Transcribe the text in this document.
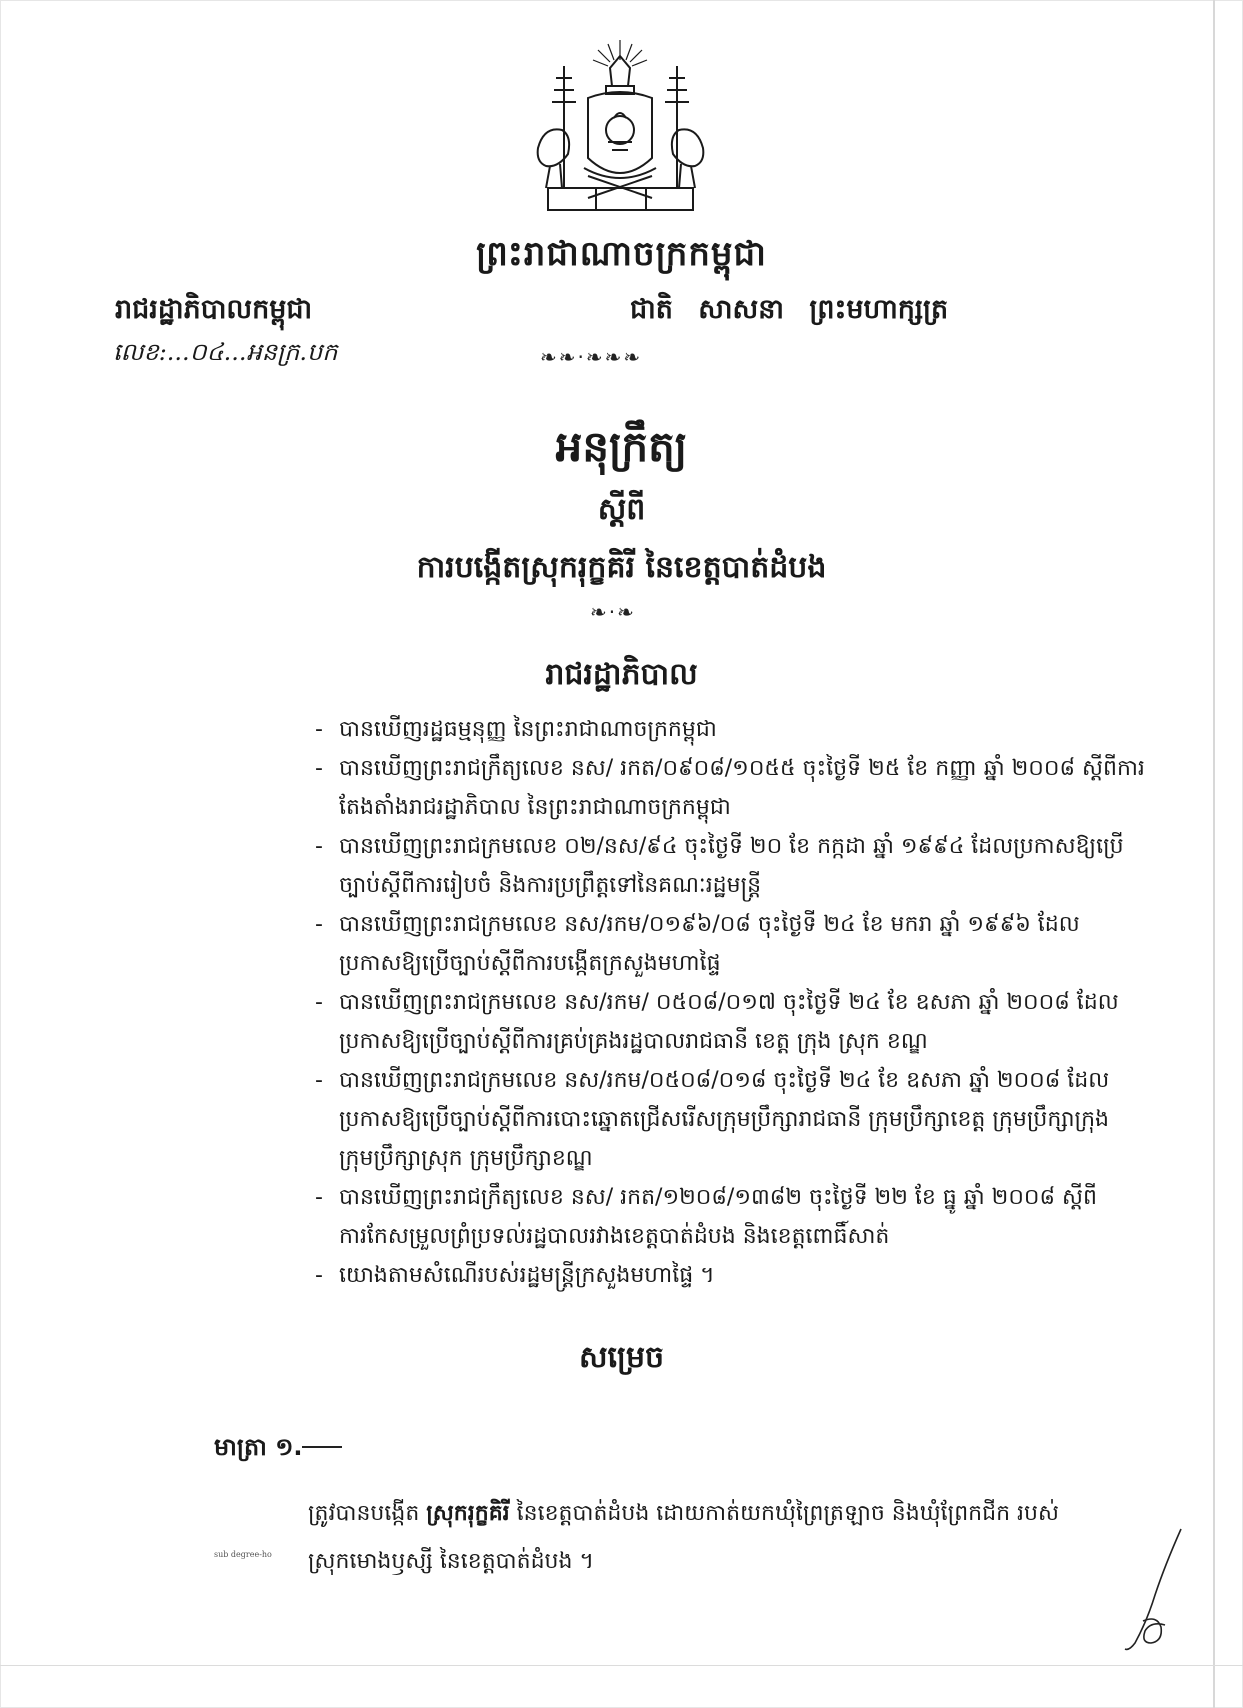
ព្រះរាជាណាចក្រកម្ពុជា
រាជរដ្ឋាភិបាលកម្ពុជា	ជាតិ សាសនា ព្រះមហាក្សត្រ
លេខ:...០៤...អនក្រ.បក	❧❧·❧❧❧
អនុក្រឹត្យ
ស្តីពី
ការបង្កើតស្រុករុក្ខគិរី នៃខេត្តបាត់ដំបង
❧·❧
រាជរដ្ឋាភិបាល

- បានឃើញរដ្ឋធម្មនុញ្ញ នៃព្រះរាជាណាចក្រកម្ពុជា

- បានឃើញព្រះរាជក្រឹត្យលេខ នស/ រកត/០៩០៨/១០៥៥ ចុះថ្ងៃទី ២៥ ខែ កញ្ញា ឆ្នាំ ២០០៨ ស្តីពីការតែងតាំងរាជរដ្ឋាភិបាល នៃព្រះរាជាណាចក្រកម្ពុជា

- បានឃើញព្រះរាជក្រមលេខ ០២/នស/៩៤ ចុះថ្ងៃទី ២០ ខែ កក្កដា ឆ្នាំ ១៩៩៤ ដែលប្រកាសឱ្យប្រើច្បាប់ស្តីពីការរៀបចំ និងការប្រព្រឹត្តទៅនៃគណៈរដ្ឋមន្ត្រី

- បានឃើញព្រះរាជក្រមលេខ នស/រកម/០១៩៦/០៨ ចុះថ្ងៃទី ២៤ ខែ មករា ឆ្នាំ ១៩៩៦ ដែលប្រកាសឱ្យប្រើច្បាប់ស្តីពីការបង្កើតក្រសួងមហាផ្ទៃ

- បានឃើញព្រះរាជក្រមលេខ នស/រកម/ ០៥០៨/០១៧ ចុះថ្ងៃទី ២៤ ខែ ឧសភា ឆ្នាំ ២០០៨ ដែលប្រកាសឱ្យប្រើច្បាប់ស្តីពីការគ្រប់គ្រងរដ្ឋបាលរាជធានី ខេត្ត ក្រុង ស្រុក ខណ្ឌ

- បានឃើញព្រះរាជក្រមលេខ នស/រកម/០៥០៨/០១៨ ចុះថ្ងៃទី ២៤ ខែ ឧសភា ឆ្នាំ ២០០៨ ដែលប្រកាសឱ្យប្រើច្បាប់ស្តីពីការបោះឆ្នោតជ្រើសរើសក្រុមប្រឹក្សារាជធានី ក្រុមប្រឹក្សាខេត្ត ក្រុមប្រឹក្សាក្រុង ក្រុមប្រឹក្សាស្រុក ក្រុមប្រឹក្សាខណ្ឌ

- បានឃើញព្រះរាជក្រឹត្យលេខ នស/ រកត/១២០៨/១៣៨២ ចុះថ្ងៃទី ២២ ខែ ធ្នូ ឆ្នាំ ២០០៨ ស្តីពីការកែសម្រួលព្រំប្រទល់រដ្ឋបាលរវាងខេត្តបាត់ដំបង និងខេត្តពោធិ៍សាត់

- យោងតាមសំណើរបស់រដ្ឋមន្ត្រីក្រសួងមហាផ្ទៃ ។

សម្រេច
មាត្រា ១.
ត្រូវបានបង្កើត ស្រុករុក្ខគិរី នៃខេត្តបាត់ដំបង ដោយកាត់យកឃុំព្រៃត្រឡាច និងឃុំព្រែកជីក របស់ស្រុកមោងឫស្សី នៃខេត្តបាត់ដំបង ។
sub degree-ho
